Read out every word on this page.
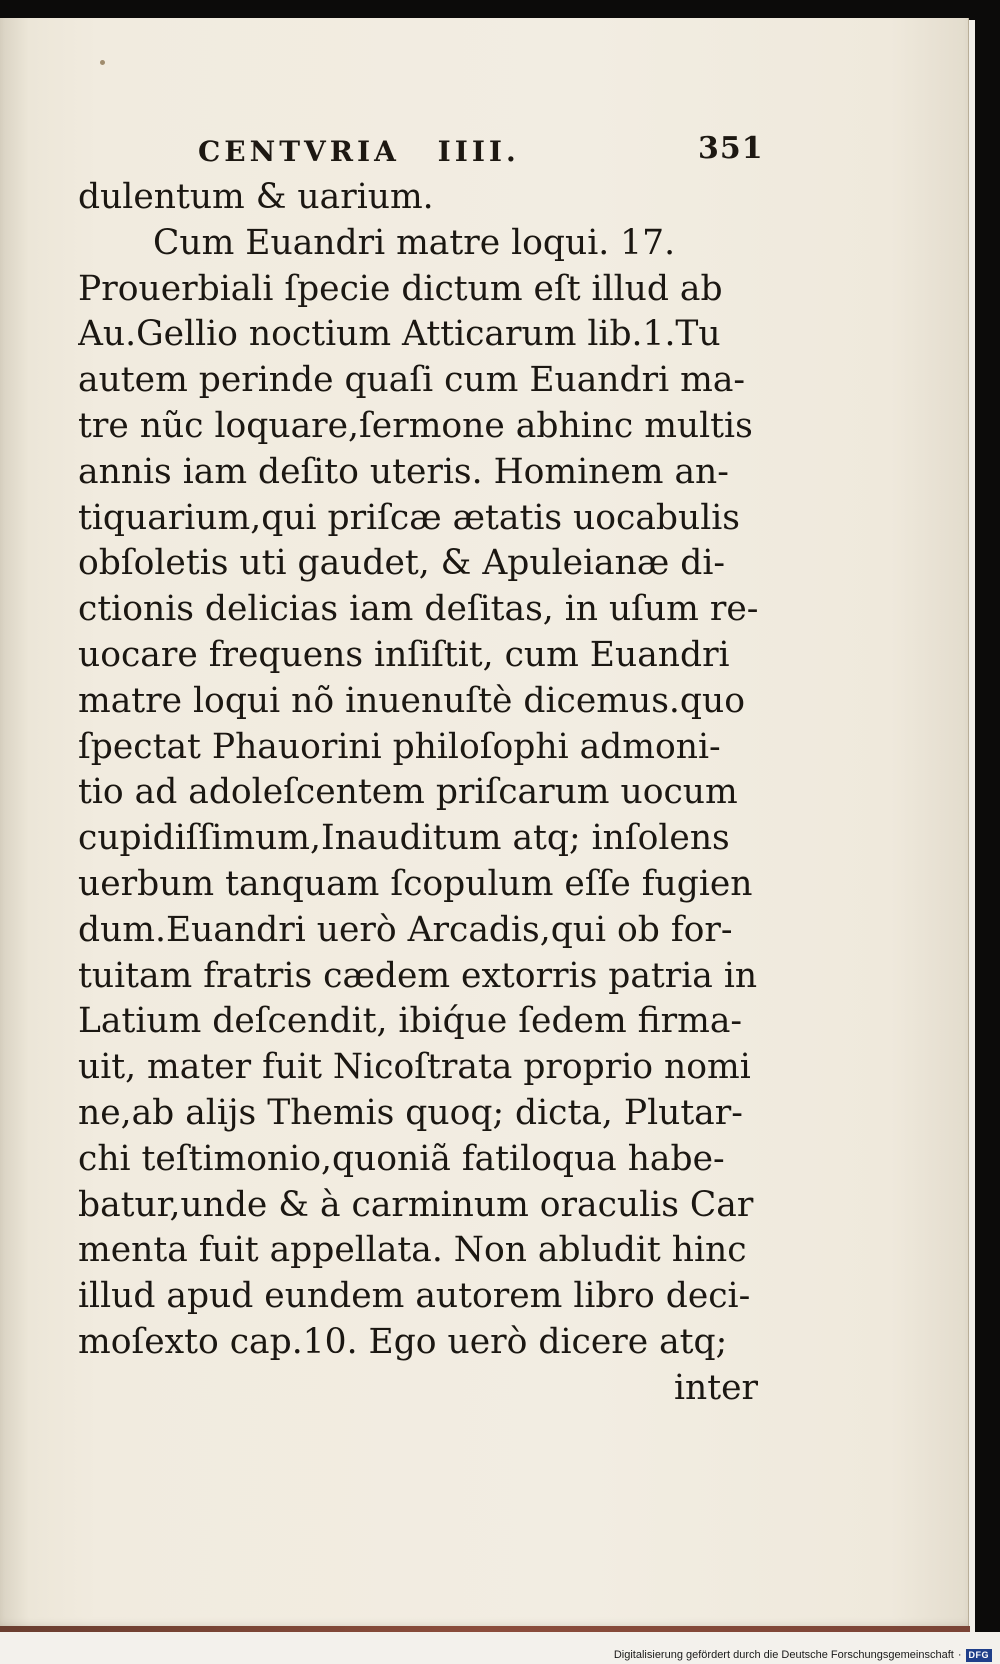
CENTVRIA IIII.	351
dulentum & uarium.
Cum Euandri matre loqui. 17.
Prouerbiali ſpecie dictum eſt illud ab
Au.Gellio noctium Atticarum lib.1.Tu
autem perinde quaſi cum Euandri ma-
tre nũc loquare,ſermone abhinc multis
annis iam deſito uteris. Hominem an-
tiquarium,qui priſcæ ætatis uocabulis
obſoletis uti gaudet, & Apuleianæ di-
ctionis delicias iam deſitas, in uſum re-
uocare frequens inſiſtit, cum Euandri
matre loqui nõ inuenuſtè dicemus.quo
ſpectat Phauorini philoſophi admoni-
tio ad adoleſcentem priſcarum uocum
cupidiſſimum,Inauditum atq; inſolens
uerbum tanquam ſcopulum eſſe fugien
dum.Euandri uerò Arcadis,qui ob for-
tuitam fratris cædem extorris patria in
Latium deſcendit, ibiq́ue ſedem firma-
uit, mater fuit Nicoſtrata proprio nomi
ne,ab alijs Themis quoq; dicta, Plutar-
chi teſtimonio,quoniã fatiloqua habe-
batur,unde & à carminum oraculis Car
menta fuit appellata. Non abludit hinc
illud apud eundem autorem libro deci-
moſexto cap.10. Ego uerò dicere atq;
inter
Digitalisierung gefördert durch die Deutsche Forschungsgemeinschaft · DFG
